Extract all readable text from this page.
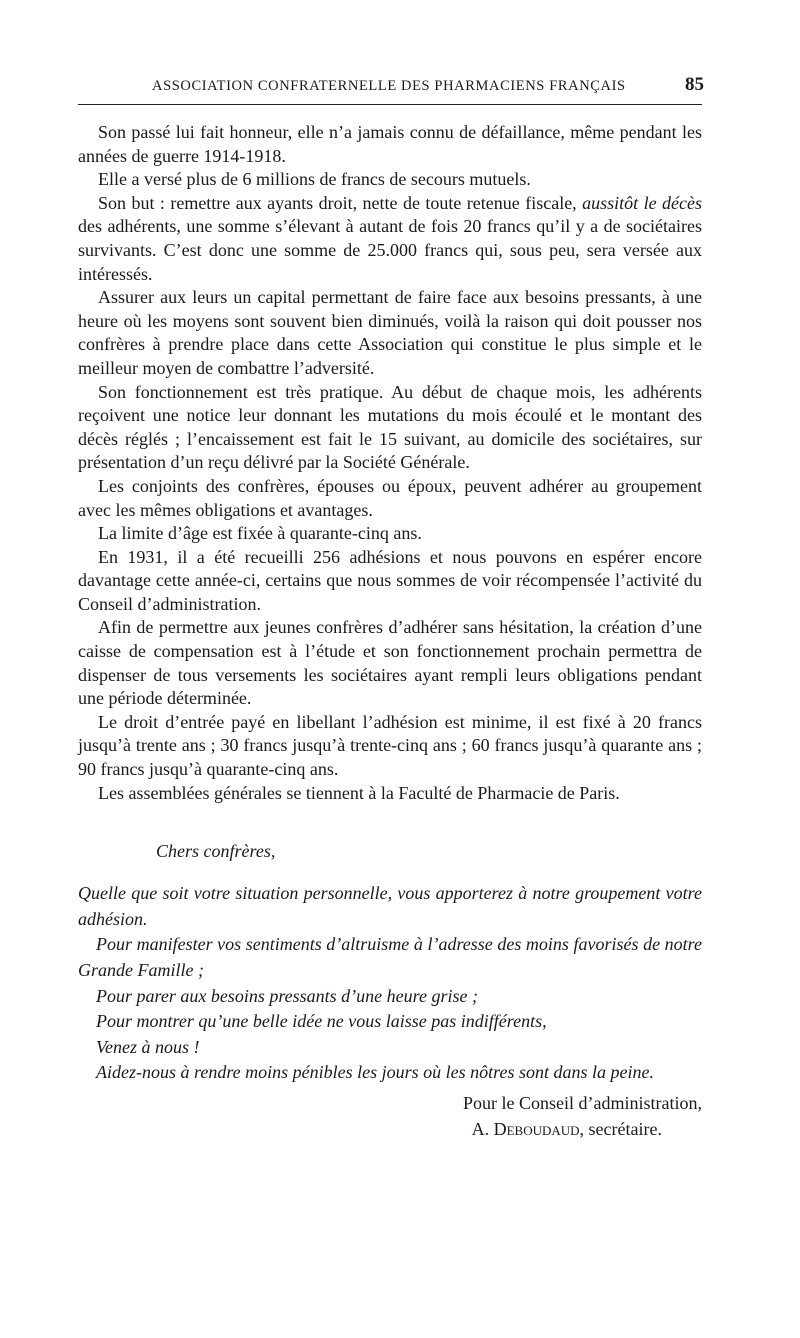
ASSOCIATION CONFRATERNELLE DES PHARMACIENS FRANÇAIS	85

Son passé lui fait honneur, elle n’a jamais connu de défaillance, même pendant les années de guerre 1914-1918.

Elle a versé plus de 6 millions de francs de secours mutuels.

Son but : remettre aux ayants droit, nette de toute retenue fiscale, aussitôt le décès des adhérents, une somme s’élevant à autant de fois 20 francs qu’il y a de sociétaires survivants. C’est donc une somme de 25.000 francs qui, sous peu, sera versée aux intéressés.

Assurer aux leurs un capital permettant de faire face aux besoins pressants, à une heure où les moyens sont souvent bien diminués, voilà la raison qui doit pousser nos confrères à prendre place dans cette Association qui constitue le plus simple et le meilleur moyen de combattre l’adversité.

Son fonctionnement est très pratique. Au début de chaque mois, les adhérents reçoivent une notice leur donnant les mutations du mois écoulé et le montant des décès réglés ; l’encaissement est fait le 15 suivant, au domicile des sociétaires, sur présentation d’un reçu délivré par la Société Générale.

Les conjoints des confrères, épouses ou époux, peuvent adhérer au groupement avec les mêmes obligations et avantages.

La limite d’âge est fixée à quarante-cinq ans.

En 1931, il a été recueilli 256 adhésions et nous pouvons en espérer encore davantage cette année-ci, certains que nous sommes de voir récompensée l’activité du Conseil d’administration.

Afin de permettre aux jeunes confrères d’adhérer sans hésitation, la création d’une caisse de compensation est à l’étude et son fonctionnement prochain permettra de dispenser de tous versements les sociétaires ayant rempli leurs obligations pendant une période déterminée.

Le droit d’entrée payé en libellant l’adhésion est minime, il est fixé à 20 francs jusqu’à trente ans ; 30 francs jusqu’à trente-cinq ans ; 60 francs jusqu’à quarante ans ; 90 francs jusqu’à quarante-cinq ans.

Les assemblées générales se tiennent à la Faculté de Pharmacie de Paris.

Chers confrères,

Quelle que soit votre situation personnelle, vous apporterez à notre groupement votre adhésion.

Pour manifester vos sentiments d’altruisme à l’adresse des moins favorisés de notre Grande Famille ;

Pour parer aux besoins pressants d’une heure grise ;

Pour montrer qu’une belle idée ne vous laisse pas indifférents,

Venez à nous !

Aidez-nous à rendre moins pénibles les jours où les nôtres sont dans la peine.

Pour le Conseil d’administration,
A. Deboudaud, secrétaire.
